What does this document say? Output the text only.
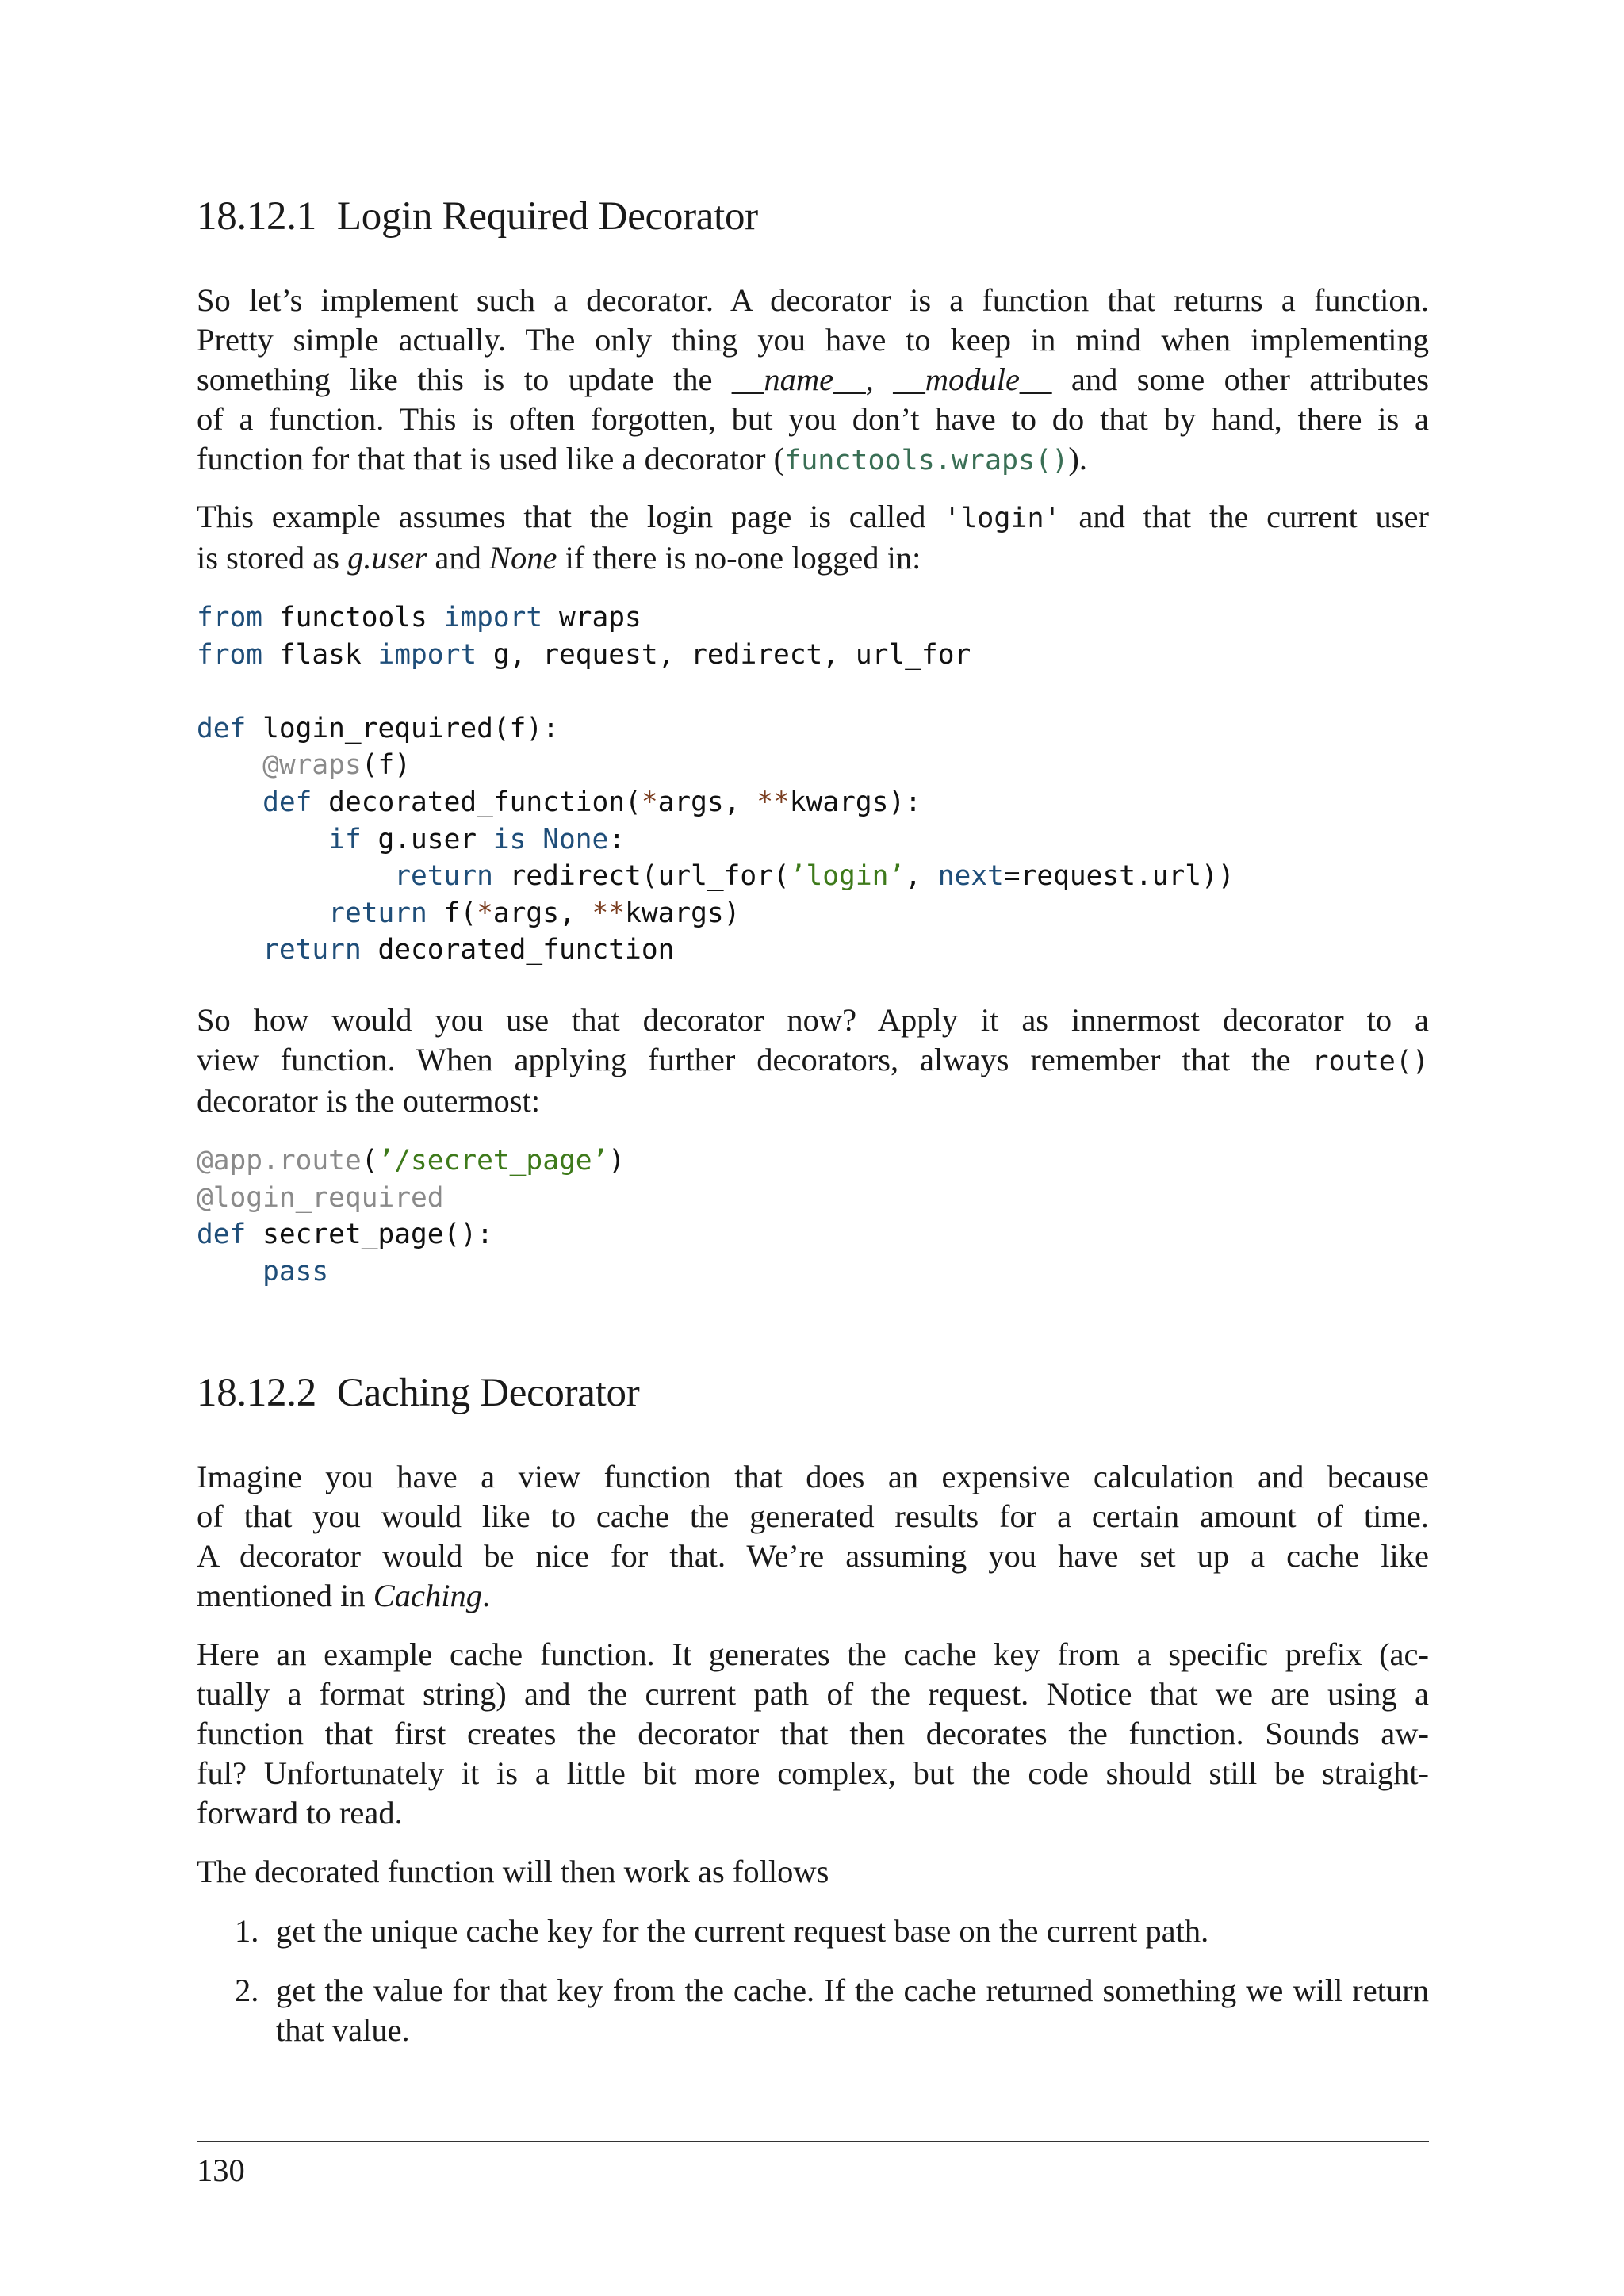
18.12.1 Login Required Decorator
So let’s implement such a decorator. A decorator is a function that returns a function.
Pretty simple actually. The only thing you have to keep in mind when implementing
something like this is to update the __name__, __module__ and some other attributes
of a function. This is often forgotten, but you don’t have to do that by hand, there is a
function for that that is used like a decorator (functools.wraps()).
This example assumes that the login page is called 'login' and that the current user
is stored as g.user and None if there is no-one logged in:
from functools import wraps
from flask import g, request, redirect, url_for

def login_required(f):
@wraps(f)
def decorated_function(*args, **kwargs):
if g.user is None:
return redirect(url_for(’login’, next=request.url))
return f(*args, **kwargs)
return decorated_function
So how would you use that decorator now? Apply it as innermost decorator to a
view function. When applying further decorators, always remember that the route()
decorator is the outermost:
@app.route(’/secret_page’)
@login_required
def secret_page():
pass
18.12.2 Caching Decorator
Imagine you have a view function that does an expensive calculation and because
of that you would like to cache the generated results for a certain amount of time.
A decorator would be nice for that. We’re assuming you have set up a cache like
mentioned in Caching.
Here an example cache function. It generates the cache key from a specific prefix (ac-
tually a format string) and the current path of the request. Notice that we are using a
function that first creates the decorator that then decorates the function. Sounds aw-
ful? Unfortunately it is a little bit more complex, but the code should still be straight-
forward to read.
The decorated function will then work as follows
1. get the unique cache key for the current request base on the current path.
2. get the value for that key from the cache. If the cache returned something we will return that value.
130
